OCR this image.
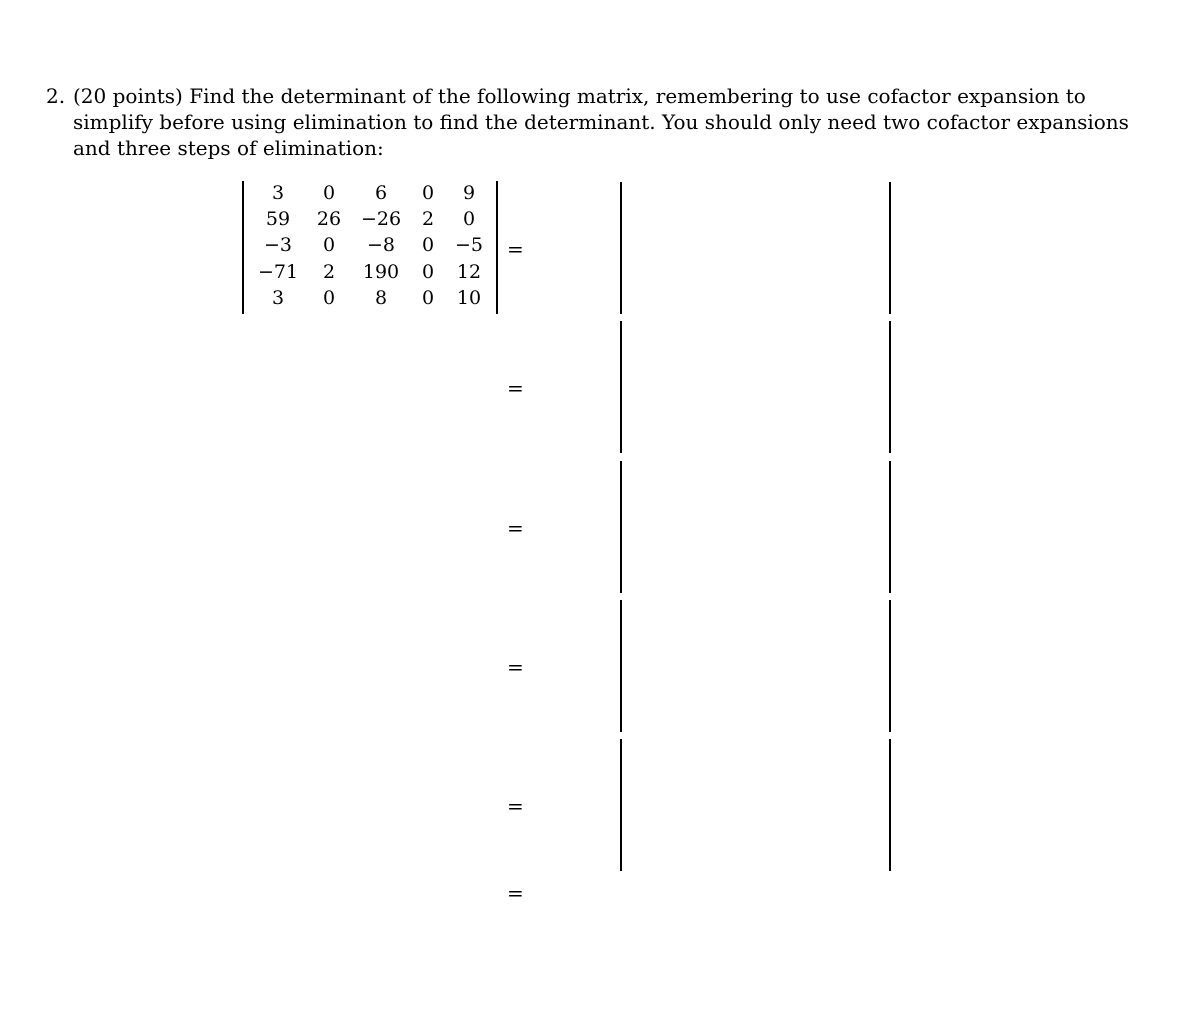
2. (20 points) Find the determinant of the following matrix, remembering to use cofactor expansion to
simplify before using elimination to find the determinant. You should only need two cofactor expansions
and three steps of elimination:
3 0 6 0 9
59 26 −26 2 0
−3 0 −8 0 −5
−71 2 190 0 12
3 0 8 0 10
=
=
=
=
=
=
